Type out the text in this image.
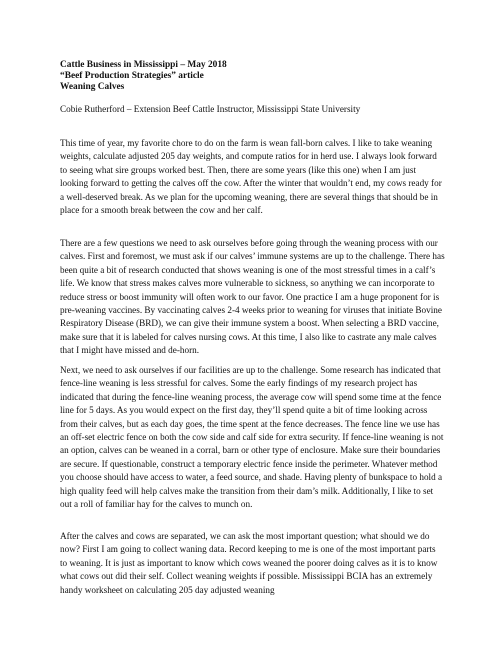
Cattle Business in Mississippi – May 2018

“Beef Production Strategies” article

Weaning Calves

Cobie Rutherford – Extension Beef Cattle Instructor, Mississippi State University

This time of year, my favorite chore to do on the farm is wean fall-born calves. I like to take weaning weights, calculate adjusted 205 day weights, and compute ratios for in herd use. I always look forward to seeing what sire groups worked best. Then, there are some years (like this one) when I am just looking forward to getting the calves off the cow. After the winter that wouldn’t end, my cows ready for a well-deserved break. As we plan for the upcoming weaning, there are several things that should be in place for a smooth break between the cow and her calf.

There are a few questions we need to ask ourselves before going through the weaning process with our calves. First and foremost, we must ask if our calves’ immune systems are up to the challenge. There has been quite a bit of research conducted that shows weaning is one of the most stressful times in a calf’s life. We know that stress makes calves more vulnerable to sickness, so anything we can incorporate to reduce stress or boost immunity will often work to our favor. One practice I am a huge proponent for is pre-weaning vaccines. By vaccinating calves 2-4 weeks prior to weaning for viruses that initiate Bovine Respiratory Disease (BRD), we can give their immune system a boost. When selecting a BRD vaccine, make sure that it is labeled for calves nursing cows. At this time, I also like to castrate any male calves that I might have missed and de-horn.

Next, we need to ask ourselves if our facilities are up to the challenge. Some research has indicated that fence-line weaning is less stressful for calves. Some the early findings of my research project has indicated that during the fence-line weaning process, the average cow will spend some time at the fence line for 5 days. As you would expect on the first day, they’ll spend quite a bit of time looking across from their calves, but as each day goes, the time spent at the fence decreases. The fence line we use has an off-set electric fence on both the cow side and calf side for extra security. If fence-line weaning is not an option, calves can be weaned in a corral, barn or other type of enclosure. Make sure their boundaries are secure. If questionable, construct a temporary electric fence inside the perimeter. Whatever method you choose should have access to water, a feed source, and shade. Having plenty of bunkspace to hold a high quality feed will help calves make the transition from their dam’s milk. Additionally, I like to set out a roll of familiar hay for the calves to munch on.

After the calves and cows are separated, we can ask the most important question; what should we do now? First I am going to collect waning data. Record keeping to me is one of the most important parts to weaning. It is just as important to know which cows weaned the poorer doing calves as it is to know what cows out did their self. Collect weaning weights if possible. Mississippi BCIA has an extremely handy worksheet on calculating 205 day adjusted weaning
